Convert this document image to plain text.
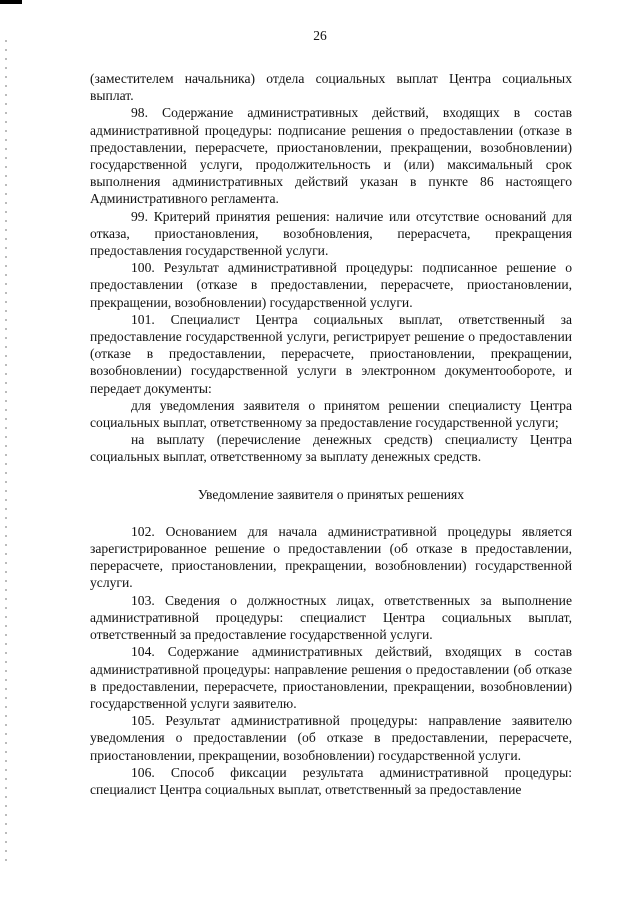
26

(заместителем начальника) отдела социальных выплат Центра социальных выплат.

98. Содержание административных действий, входящих в состав административной процедуры: подписание решения о предоставлении (отказе в предоставлении, перерасчете, приостановлении, прекращении, возобновлении) государственной услуги, продолжительность и (или) максимальный срок выполнения административных действий указан в пункте 86 настоящего Административного регламента.

99. Критерий принятия решения: наличие или отсутствие оснований для отказа, приостановления, возобновления, перерасчета, прекращения предоставления государственной услуги.

100. Результат административной процедуры: подписанное решение о предоставлении (отказе в предоставлении, перерасчете, приостановлении, прекращении, возобновлении) государственной услуги.

101. Специалист Центра социальных выплат, ответственный за предоставление государственной услуги, регистрирует решение о предоставлении (отказе в предоставлении, перерасчете, приостановлении, прекращении, возобновлении) государственной услуги в электронном документообороте, и передает документы:

для уведомления заявителя о принятом решении специалисту Центра социальных выплат, ответственному за предоставление государственной услуги;

на выплату (перечисление денежных средств) специалисту Центра социальных выплат, ответственному за выплату денежных средств.

Уведомление заявителя о принятых решениях

102. Основанием для начала административной процедуры является зарегистрированное решение о предоставлении (об отказе в предоставлении, перерасчете, приостановлении, прекращении, возобновлении) государственной услуги.

103. Сведения о должностных лицах, ответственных за выполнение административной процедуры: специалист Центра социальных выплат, ответственный за предоставление государственной услуги.

104. Содержание административных действий, входящих в состав административной процедуры: направление решения о предоставлении (об отказе в предоставлении, перерасчете, приостановлении, прекращении, возобновлении) государственной услуги заявителю.

105. Результат административной процедуры: направление заявителю уведомления о предоставлении (об отказе в предоставлении, перерасчете, приостановлении, прекращении, возобновлении) государственной услуги.

106. Способ фиксации результата административной процедуры: специалист Центра социальных выплат, ответственный за предоставление
